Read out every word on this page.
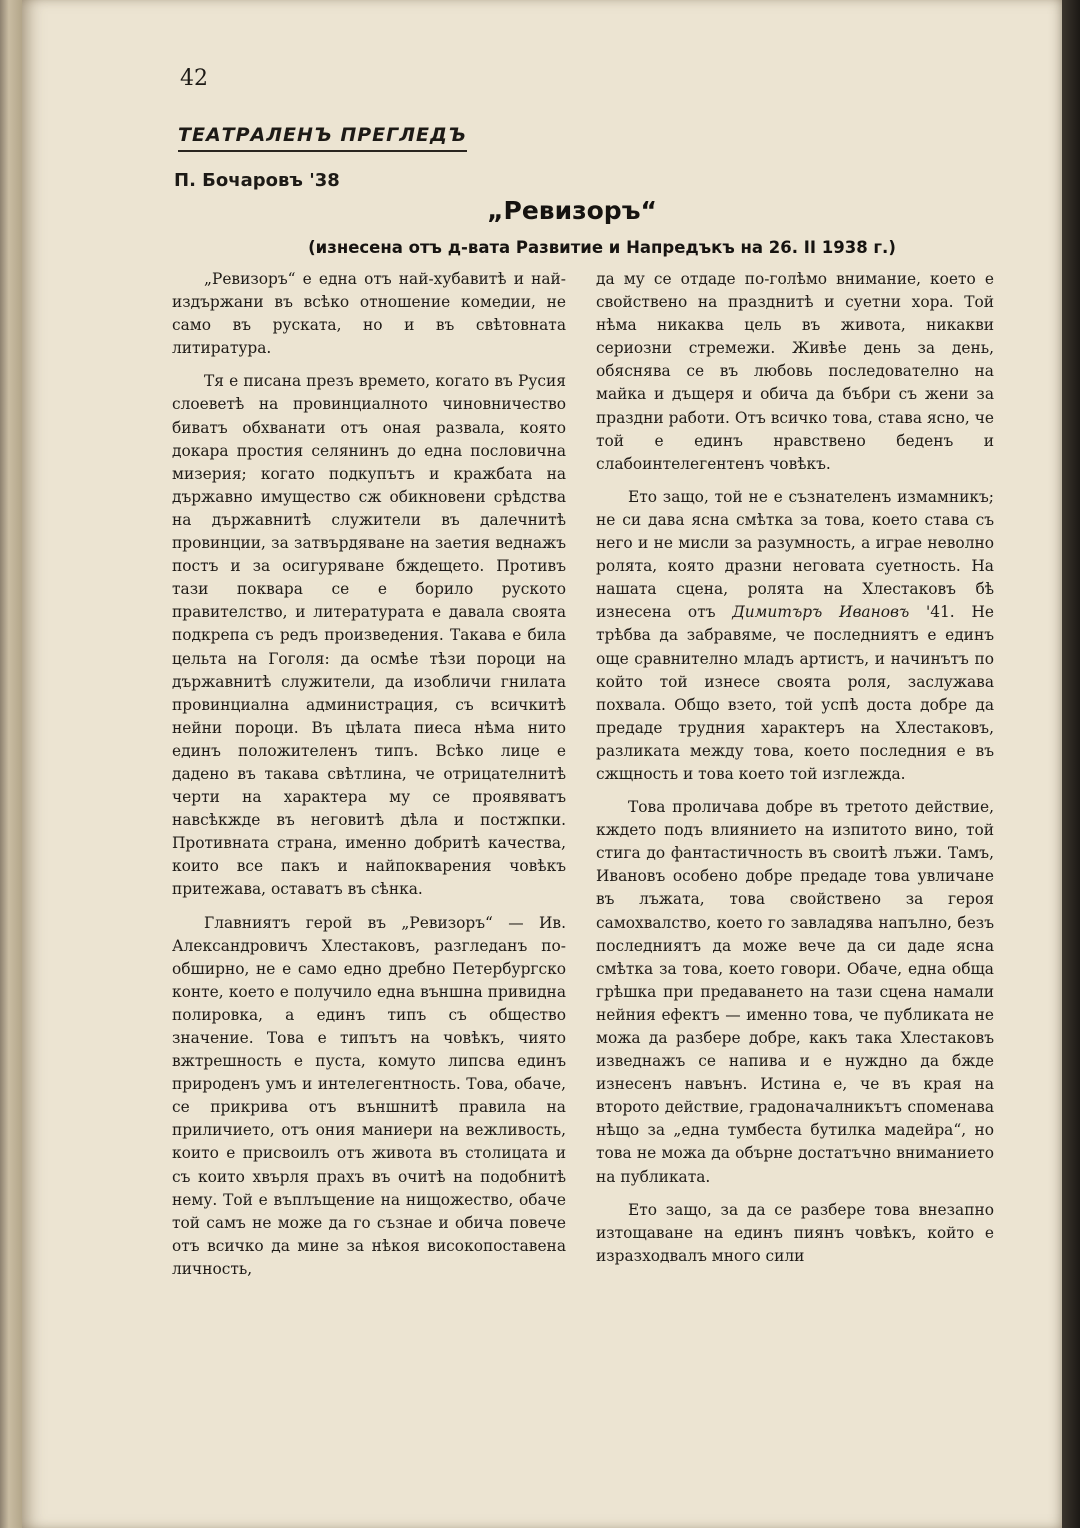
42
ТЕАТРАЛЕНЪ ПРЕГЛЕДЪ
П. Бочаровъ '38
„Ревизоръ“
(изнесена отъ д-вата Развитие и Напредъкъ на 26. II 1938 г.)

„Ревизоръ“ е една отъ най-хубавитѣ и най-издържани въ всѣко отношение комедии, не само въ руската, но и въ свѣтовната литиратура.

Тя е писана презъ времето, когато въ Русия слоеветѣ на провинциалното чиновничество биватъ обхванати отъ оная развала, която докара простия селянинъ до една пословична мизерия; когато подкупътъ и кражбата на държавно имущество сж обикновени срѣдства на държавнитѣ служители въ далечнитѣ провинции, за затвърдяване на заетия веднажъ постъ и за осигуряване бждещето. Противъ тази поквара се е борило руското правителство, и литературата е давала своята подкрепа съ редъ произведения. Такава е била цельта на Гоголя: да осмѣе тѣзи пороци на държавнитѣ служители, да изобличи гнилата провинциална администрация, съ всичкитѣ нейни пороци. Въ цѣлата пиеса нѣма нито единъ положителенъ типъ. Всѣко лице е дадено въ такава свѣтлина, че отрицателнитѣ черти на характера му се проявяватъ навсѣкжде въ неговитѣ дѣла и постжпки. Противната страна, именно добритѣ качества, които все пакъ и найпокварения човѣкъ притежава, оставатъ въ сѣнка.

Главниятъ герой въ „Ревизоръ“ — Ив. Александровичъ Хлестаковъ, разгледанъ по-обширно, не е само едно дребно Петербургско конте, което е получило една външна привидна полировка, а единъ типъ съ общество значение. Това е типътъ на човѣкъ, чиято вжтрешность е пуста, комуто липсва единъ природенъ умъ и интелегентность. Това, обаче, се прикрива отъ външнитѣ правила на приличието, отъ ония маниери на вежливость, които е присвоилъ отъ живота въ столицата и съ които хвърля прахъ въ очитѣ на подобнитѣ нему. Той е въплъщение на нищожество, обаче той самъ не може да го съзнае и обича повече отъ всичко да мине за нѣкоя високопоставена личность,

да му се отдаде по-голѣмо внимание, което е свойствено на празднитѣ и суетни хора. Той нѣма никаква цель въ живота, никакви сериозни стремежи. Живѣе день за день, обяснява се въ любовь последователно на майка и дъщеря и обича да бъбри съ жени за праздни работи. Отъ всичко това, става ясно, че той е единъ нравствено беденъ и слабоинтелегентенъ човѣкъ.

Ето защо, той не е съзнателенъ измамникъ; не си дава ясна смѣтка за това, което става съ него и не мисли за разумность, а играе неволно ролята, която дразни неговата суетность. На нашата сцена, ролята на Хлестаковъ бѣ изнесена отъ Димитъръ Ивановъ '41. Не трѣбва да забравяме, че последниятъ е единъ още сравнително младъ артистъ, и начинътъ по който той изнесе своята роля, заслужава похвала. Общо взето, той успѣ доста добре да предаде трудния характеръ на Хлестаковъ, разликата между това, което последния е въ сжщность и това което той изглежда.

Това проличава добре въ третото действие, кждето подъ влиянието на изпитото вино, той стига до фантастичность въ своитѣ лъжи. Тамъ, Ивановъ особено добре предаде това увличане въ лъжата, това свойствено за героя самохвалство, което го завладява напълно, безъ последниятъ да може вече да си даде ясна смѣтка за това, което говори. Обаче, една обща грѣшка при предаването на тази сцена намали нейния ефектъ — именно това, че публиката не можа да разбере добре, какъ така Хлестаковъ изведнажъ се напива и е нуждно да бжде изнесенъ навънъ. Истина е, че въ края на второто действие, градоначалникътъ споменава нѣщо за „една тумбеста бутилка мадейра“, но това не можа да обърне достатъчно вниманието на публиката.

Ето защо, за да се разбере това внезапно изтощаване на единъ пиянъ човѣкъ, който е изразходвалъ много сили
